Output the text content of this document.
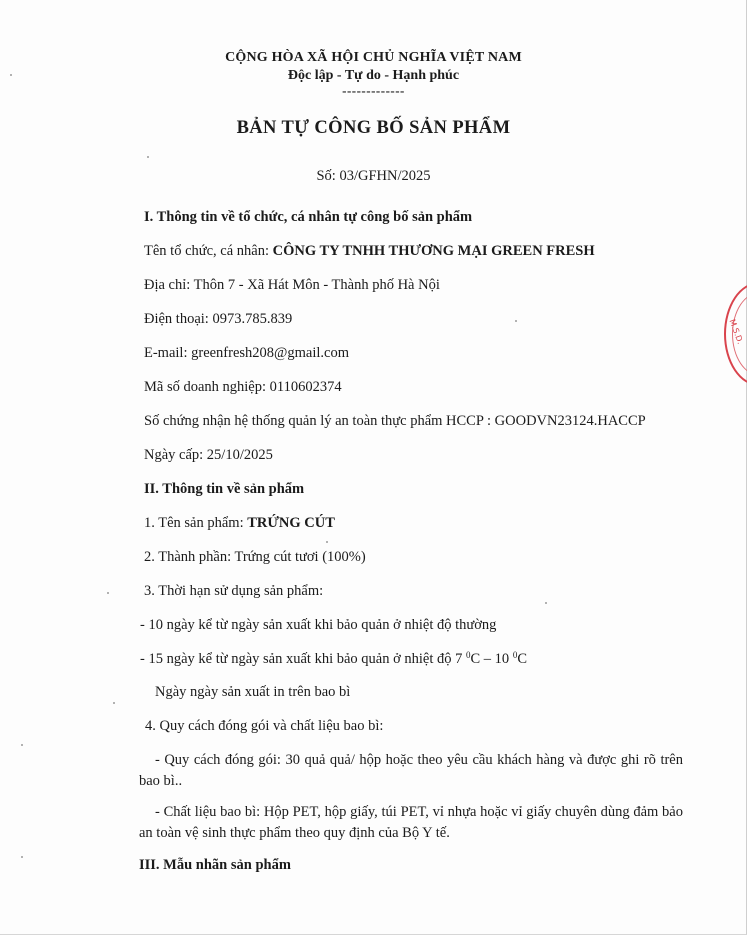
CỘNG HÒA XÃ HỘI CHỦ NGHĨA VIỆT NAM
Độc lập - Tự do - Hạnh phúc
-------------
BẢN TỰ CÔNG BỐ SẢN PHẨM
Số: 03/GFHN/2025
I. Thông tin về tổ chức, cá nhân tự công bố sản phẩm
Tên tổ chức, cá nhân: CÔNG TY TNHH THƯƠNG MẠI GREEN FRESH
Địa chỉ: Thôn 7 - Xã Hát Môn - Thành phố Hà Nội
Điện thoại: 0973.785.839
E-mail: greenfresh208@gmail.com
Mã số doanh nghiệp: 0110602374
Số chứng nhận hệ thống quản lý an toàn thực phẩm HCCP : GOODVN23124.HACCP
Ngày cấp: 25/10/2025
II. Thông tin về sản phẩm
1. Tên sản phẩm: TRỨNG CÚT
2. Thành phần: Trứng cút tươi (100%)
3. Thời hạn sử dụng sản phẩm:
- 10 ngày kể từ ngày sản xuất khi bảo quản ở nhiệt độ thường
- 15 ngày kể từ ngày sản xuất khi bảo quản ở nhiệt độ 7 $^0$C – 10 $^0$C
Ngày ngày sản xuất in trên bao bì
4. Quy cách đóng gói và chất liệu bao bì:
- Quy cách đóng gói: 30 quả quả/ hộp hoặc theo yêu cầu khách hàng và được ghi rõ trên bao bì..
- Chất liệu bao bì: Hộp PET, hộp giấy, túi PET, vỉ nhựa hoặc vỉ giấy chuyên dùng đảm bảo an toàn vệ sinh thực phẩm theo quy định của Bộ Y tế.
III. Mẫu nhãn sản phẩm
M.S.D.
